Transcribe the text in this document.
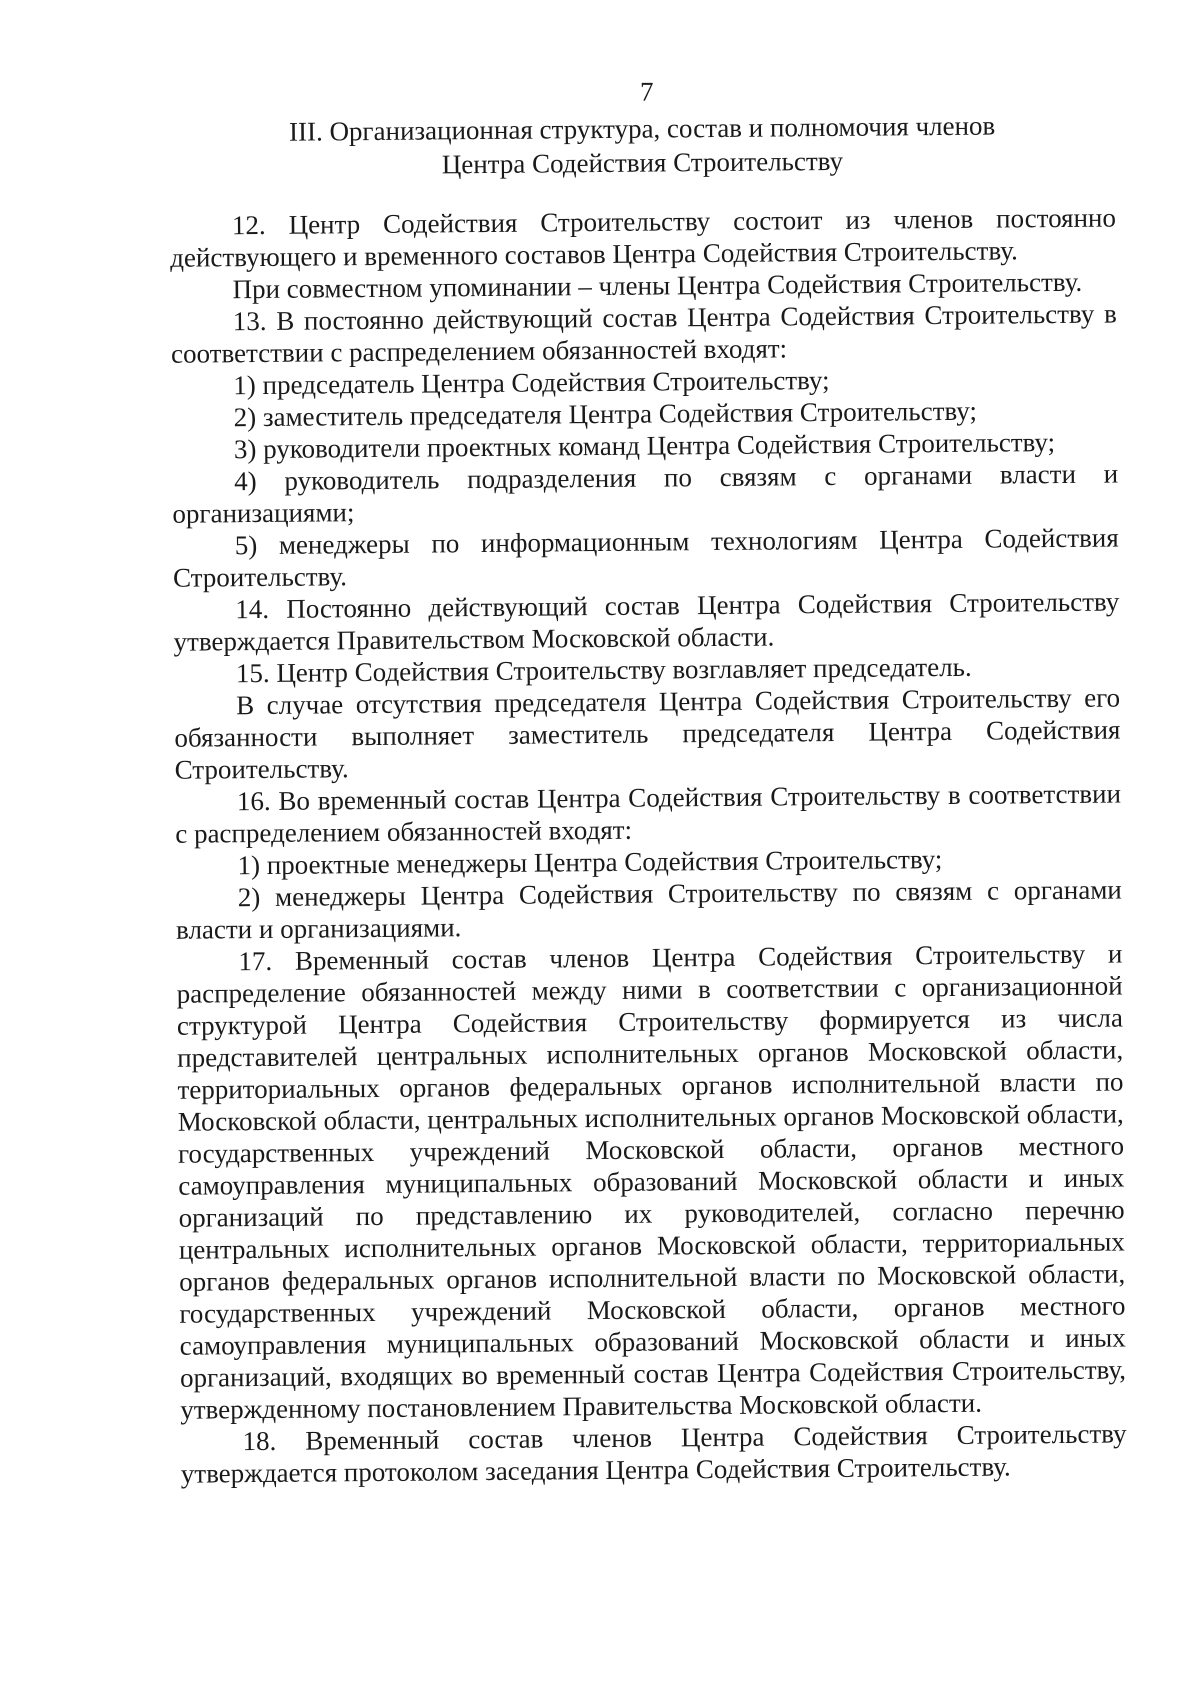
7
III. Организационная структура, состав и полномочия членов
Центра Содействия Строительству

12. Центр Содействия Строительству состоит из членов постоянно действующего и временного составов Центра Содействия Строительству.

При совместном упоминании – члены Центра Содействия Строительству.

13. В постоянно действующий состав Центра Содействия Строительству в соответствии с распределением обязанностей входят:

1) председатель Центра Содействия Строительству;

2) заместитель председателя Центра Содействия Строительству;

3) руководители проектных команд Центра Содействия Строительству;

4) руководитель подразделения по связям с органами власти и организациями;

5) менеджеры по информационным технологиям Центра Содействия Строительству.

14. Постоянно действующий состав Центра Содействия Строительству утверждается Правительством Московской области.

15. Центр Содействия Строительству возглавляет председатель.

В случае отсутствия председателя Центра Содействия Строительству его обязанности выполняет заместитель председателя Центра Содействия Строительству.

16. Во временный состав Центра Содействия Строительству в соответствии с распределением обязанностей входят:

1) проектные менеджеры Центра Содействия Строительству;

2) менеджеры Центра Содействия Строительству по связям с органами власти и организациями.

17. Временный состав членов Центра Содействия Строительству и распределение обязанностей между ними в соответствии с организационной структурой Центра Содействия Строительству формируется из числа представителей центральных исполнительных органов Московской области, территориальных органов федеральных органов исполнительной власти по Московской области, центральных исполнительных органов Московской области, государственных учреждений Московской области, органов местного самоуправления муниципальных образований Московской области и иных организаций по представлению их руководителей, согласно перечню центральных исполнительных органов Московской области, территориальных органов федеральных органов исполнительной власти по Московской области, государственных учреждений Московской области, органов местного самоуправления муниципальных образований Московской области и иных организаций, входящих во временный состав Центра Содействия Строительству, утвержденному постановлением Правительства Московской области.

18. Временный состав членов Центра Содействия Строительству утверждается протоколом заседания Центра Содействия Строительству.
